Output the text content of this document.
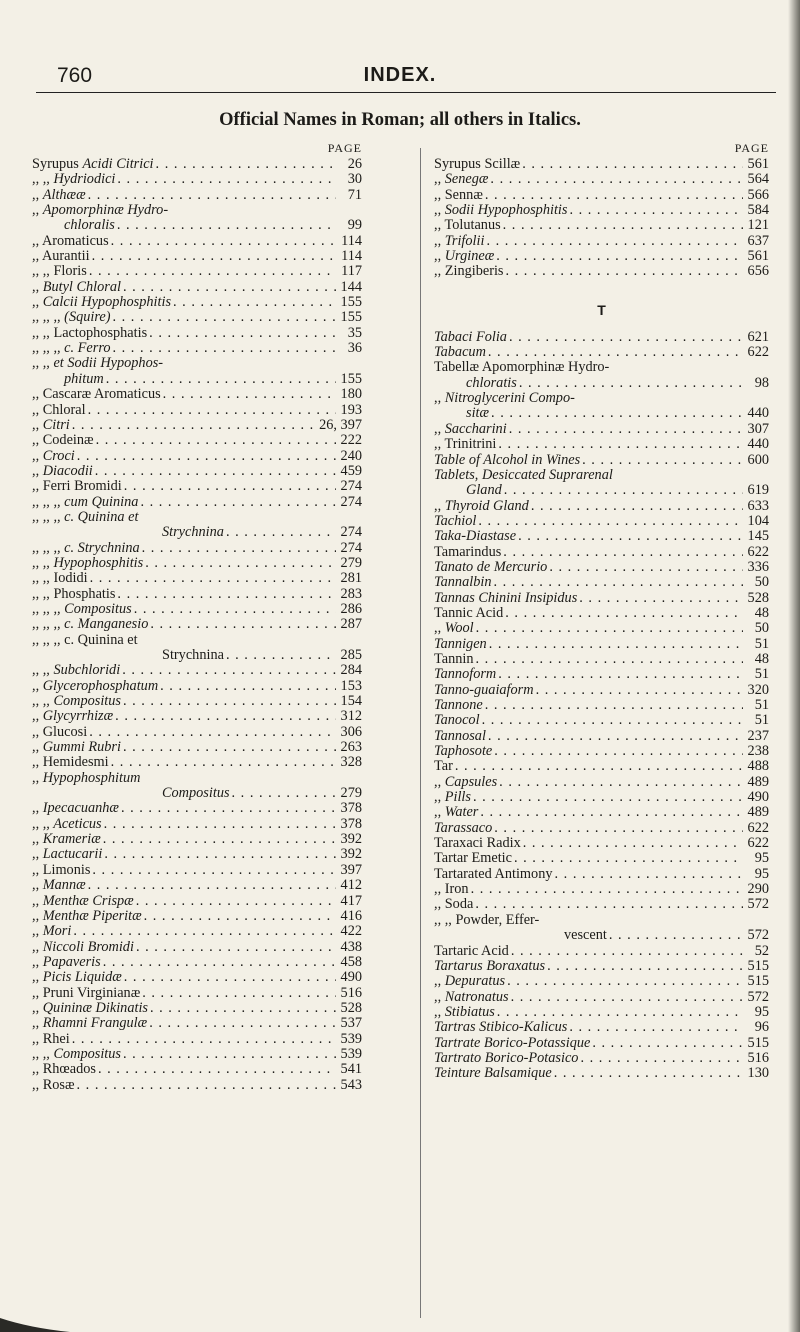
760	INDEX.
Official Names in Roman; all others in Italics.
PAGE
Syrupus Acidi Citrici . . .	26
,, ,, Hydriodici . . .	30
,, Althææ . . .	71
,, Apomorphinæ Hydro-
chloralis . . .	99
,, Aromaticus . . .	114
,, Aurantii . . .	114
,, ,, Floris . . .	117
,, Butyl Chloral . . .	144
,, Calcii Hypophosphitis . . .	155
,, ,, ,, (Squire) . . .	155
,, ,, Lactophosphatis . . .	35
,, ,, ,, c. Ferro . . .	36
,, ,, et Sodii Hypophos-
phitum . . .	155
,, Cascaræ Aromaticus . . .	180
,, Chloral . . .	193
,, Citri . . .	26, 397
,, Codeinæ . . .	222
,, Croci . . .	240
,, Diacodii . . .	459
,, Ferri Bromidi . . .	274
,, ,, ,, cum Quinina . . .	274
,, ,, ,, c. Quinina et
Strychnina . . .	274
,, ,, ,, c. Strychnina . . .	274
,, ,, Hypophosphitis . . .	279
,, ,, Iodidi . . .	281
,, ,, Phosphatis . . .	283
,, ,, ,, Compositus . . .	286
,, ,, ,, c. Manganesio . . .	287
,, ,, ,, c. Quinina et
Strychnina . . .	285
,, ,, Subchloridi . . .	284
,, Glycerophosphatum . . .	153
,, ,, Compositus . . .	154
,, Glycyrrhizæ . . .	312
,, Glucosi . . .	306
,, Gummi Rubri . . .	263
,, Hemidesmi . . .	328
,, Hypophosphitum
Compositus . . .	279
,, Ipecacuanhæ . . .	378
,, ,, Aceticus . . .	378
,, Krameriæ . . .	392
,, Lactucarii . . .	392
,, Limonis . . .	397
,, Mannæ . . .	412
,, Menthæ Crispæ . . .	417
,, Menthæ Piperitæ . . .	416
,, Mori . . .	422
,, Niccoli Bromidi . . .	438
,, Papaveris . . .	458
,, Picis Liquidæ . . .	490
,, Pruni Virginianæ . . .	516
,, Quininæ Dikinatis . . .	528
,, Rhamni Frangulæ . . .	537
,, Rhei . . .	539
,, ,, Compositus . . .	539
,, Rhœados . . .	541
,, Rosæ . . .	543
PAGE
Syrupus Scillæ . . .	561
,, Senegæ . . .	564
,, Sennæ . . .	566
,, Sodii Hypophosphitis . . .	584
,, Tolutanus . . .	121
,, Trifolii . . .	637
,, Urgineæ . . .	561
,, Zingiberis . . .	656
T
Tabaci Folia . . .	621
Tabacum . . .	622
Tabellæ Apomorphinæ Hydro-
chloratis . . .	98
,, Nitroglycerini Compo-
sitæ . . .	440
,, Saccharini . . .	307
,, Trinitrini . . .	440
Table of Alcohol in Wines . . .	600
Tablets, Desiccated Suprarenal
Gland . . .	619
,, Thyroid Gland . . .	633
Tachiol . . .	104
Taka-Diastase . . .	145
Tamarindus . . .	622
Tanato de Mercurio . . .	336
Tannalbin . . .	50
Tannas Chinini Insipidus . . .	528
Tannic Acid . . .	48
,, Wool . . .	50
Tannigen . . .	51
Tannin . . .	48
Tannoform . . .	51
Tanno-guaiaform . . .	320
Tannone . . .	51
Tanocol . . .	51
Tannosal . . .	237
Taphosote . . .	238
Tar . . .	488
,, Capsules . . .	489
,, Pills . . .	490
,, Water . . .	489
Tarassaco . . .	622
Taraxaci Radix . . .	622
Tartar Emetic . . .	95
Tartarated Antimony . . .	95
,, Iron . . .	290
,, Soda . . .	572
,, ,, Powder, Effer-
vescent . . .	572
Tartaric Acid . . .	52
Tartarus Boraxatus . . .	515
,, Depuratus . . .	515
,, Natronatus . . .	572
,, Stibiatus . . .	95
Tartras Stibico-Kalicus . . .	96
Tartrate Borico-Potassique . . .	515
Tartrato Borico-Potasico . . .	516
Teinture Balsamique . . .	130
